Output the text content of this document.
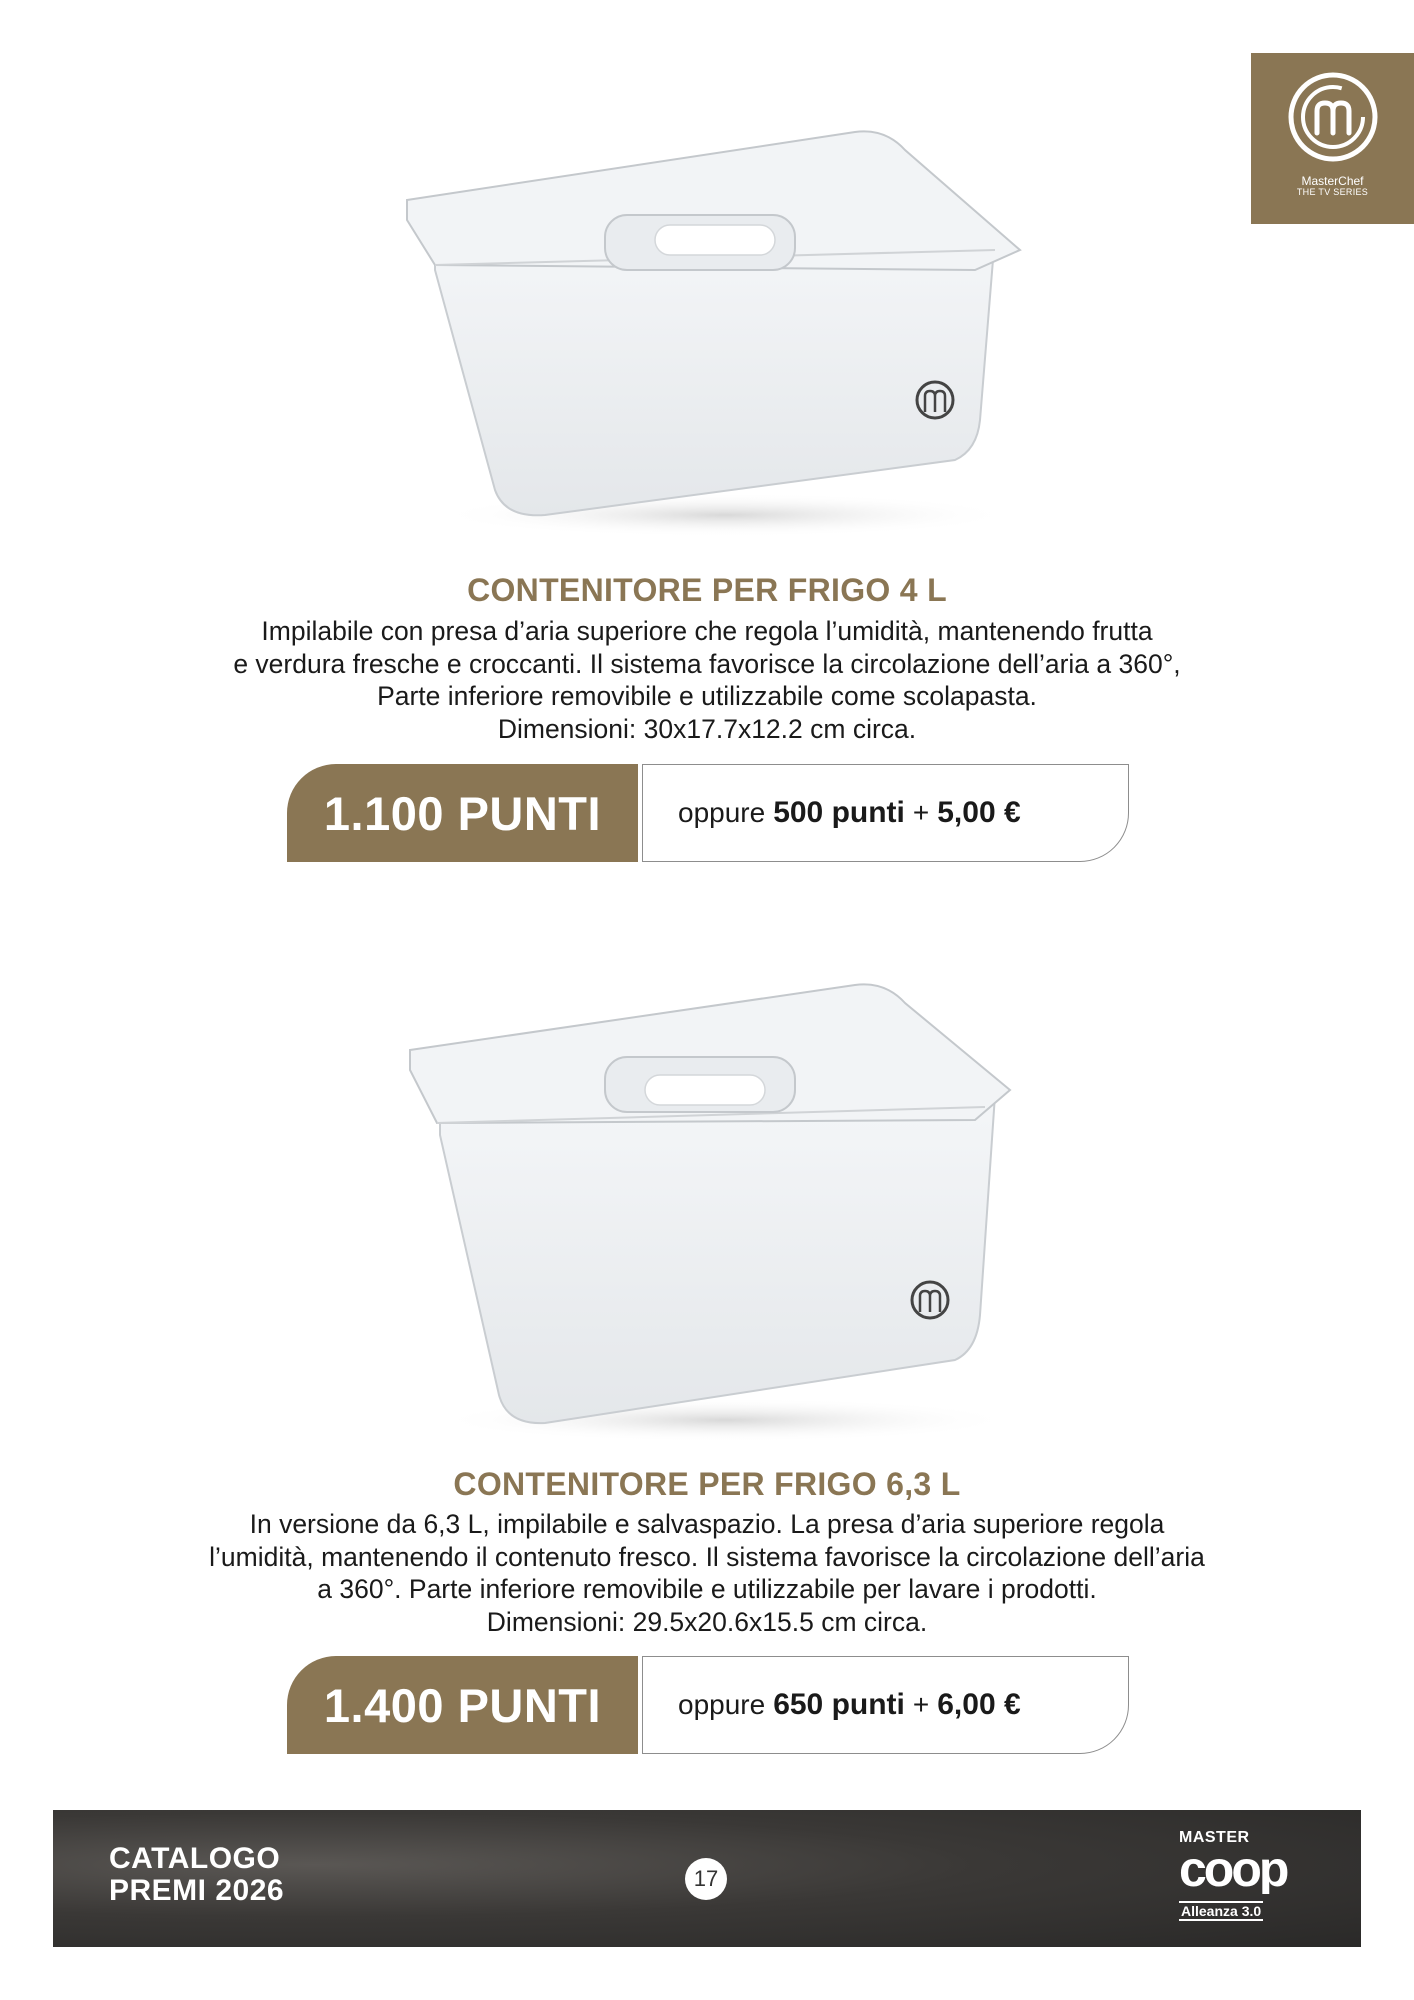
MasterChef
THE TV SERIES
CONTENITORE PER FRIGO 4 L
Impilabile con presa d’aria superiore che regola l’umidità, mantenendo frutta
e verdura fresche e croccanti. Il sistema favorisce la circolazione dell’aria a 360°,
Parte inferiore removibile e utilizzabile come scolapasta.
Dimensioni: 30x17.7x12.2 cm circa.
1.100 PUNTI	oppure 500 punti + 5,00 €
CONTENITORE PER FRIGO 6,3 L
In versione da 6,3 L, impilabile e salvaspazio. La presa d’aria superiore regola
l’umidità, mantenendo il contenuto fresco. Il sistema favorisce la circolazione dell’aria
a 360°. Parte inferiore removibile e utilizzabile per lavare i prodotti.
Dimensioni: 29.5x20.6x15.5 cm circa.
1.400 PUNTI	oppure 650 punti + 6,00 €
CATALOGO
PREMI 2026	17
MASTER
coop
Alleanza 3.0
